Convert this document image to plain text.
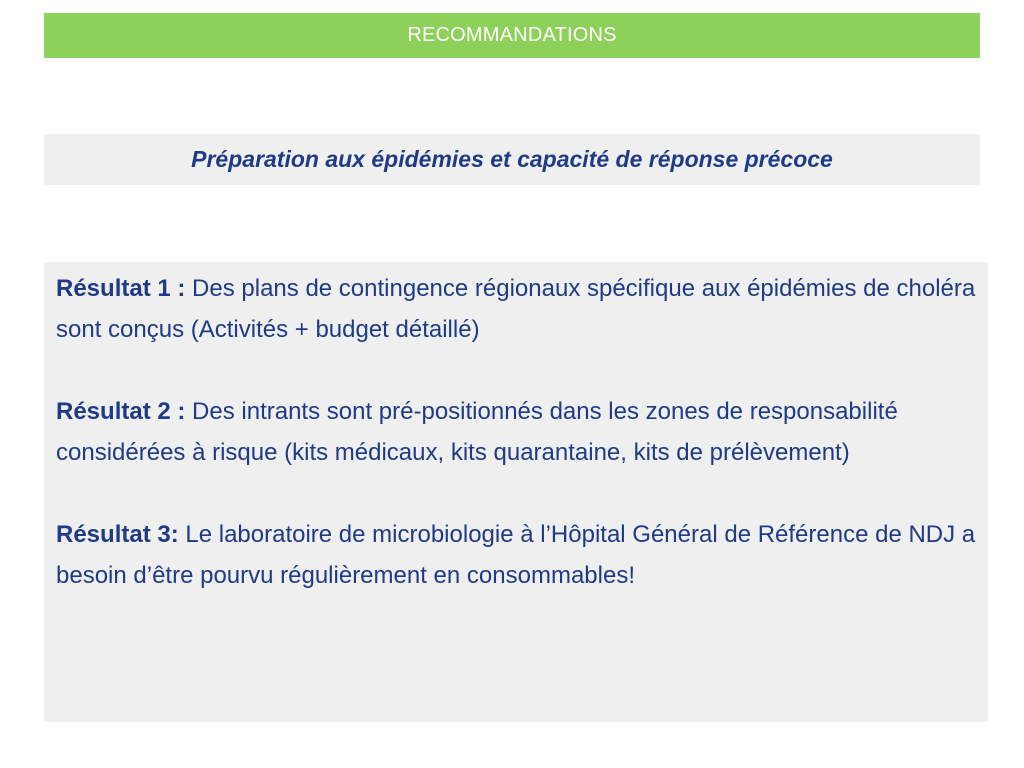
RECOMMANDATIONS
Préparation aux épidémies et capacité de réponse précoce

Résultat 1 : Des plans de contingence régionaux spécifique aux épidémies de choléra sont conçus (Activités + budget détaillé)

Résultat 2 : Des intrants sont pré-positionnés dans les zones de responsabilité considérées à risque (kits médicaux, kits quarantaine, kits de prélèvement)

Résultat 3: Le laboratoire de microbiologie à l’Hôpital Général de Référence de NDJ a besoin d’être pourvu régulièrement en consommables!
